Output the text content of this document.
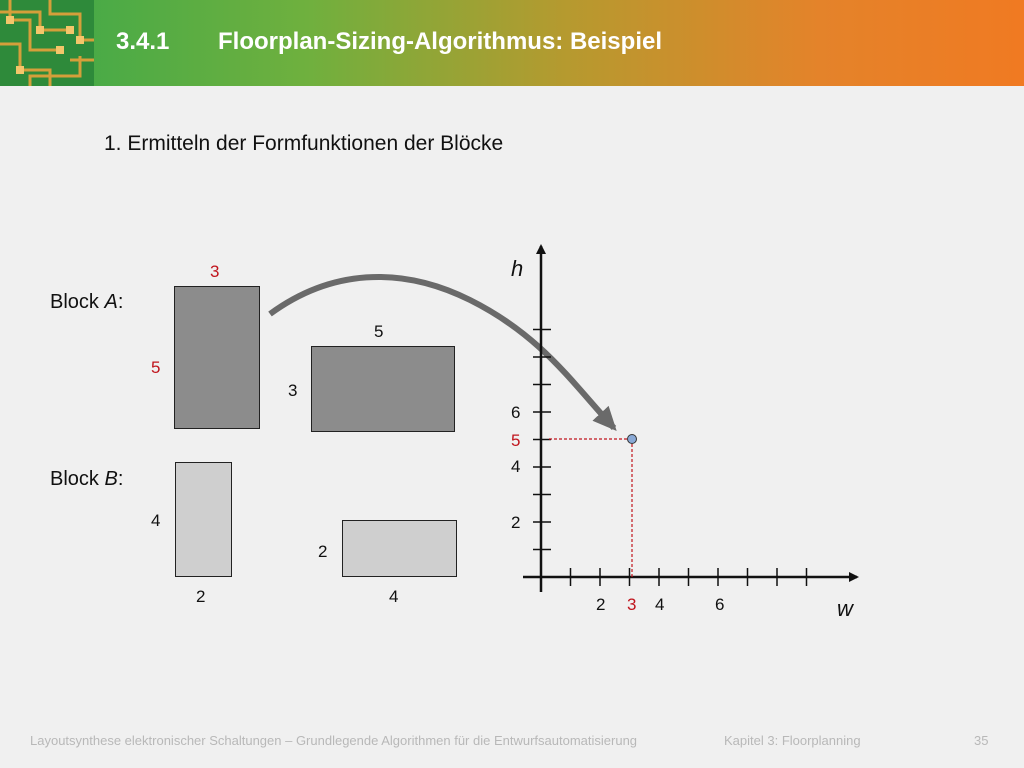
3.4.1 Floorplan-Sizing-Algorithmus: Beispiel
1. Ermitteln der Formfunktionen der Blöcke
Block A:
3
5
5
3
Block B:
2
4
4
2
h
w
2
4
5
6
2 3 4	6
Layoutsynthese elektronischer Schaltungen – Grundlegende Algorithmen für die Entwurfsautomatisierung	Kapitel 3: Floorplanning	35
